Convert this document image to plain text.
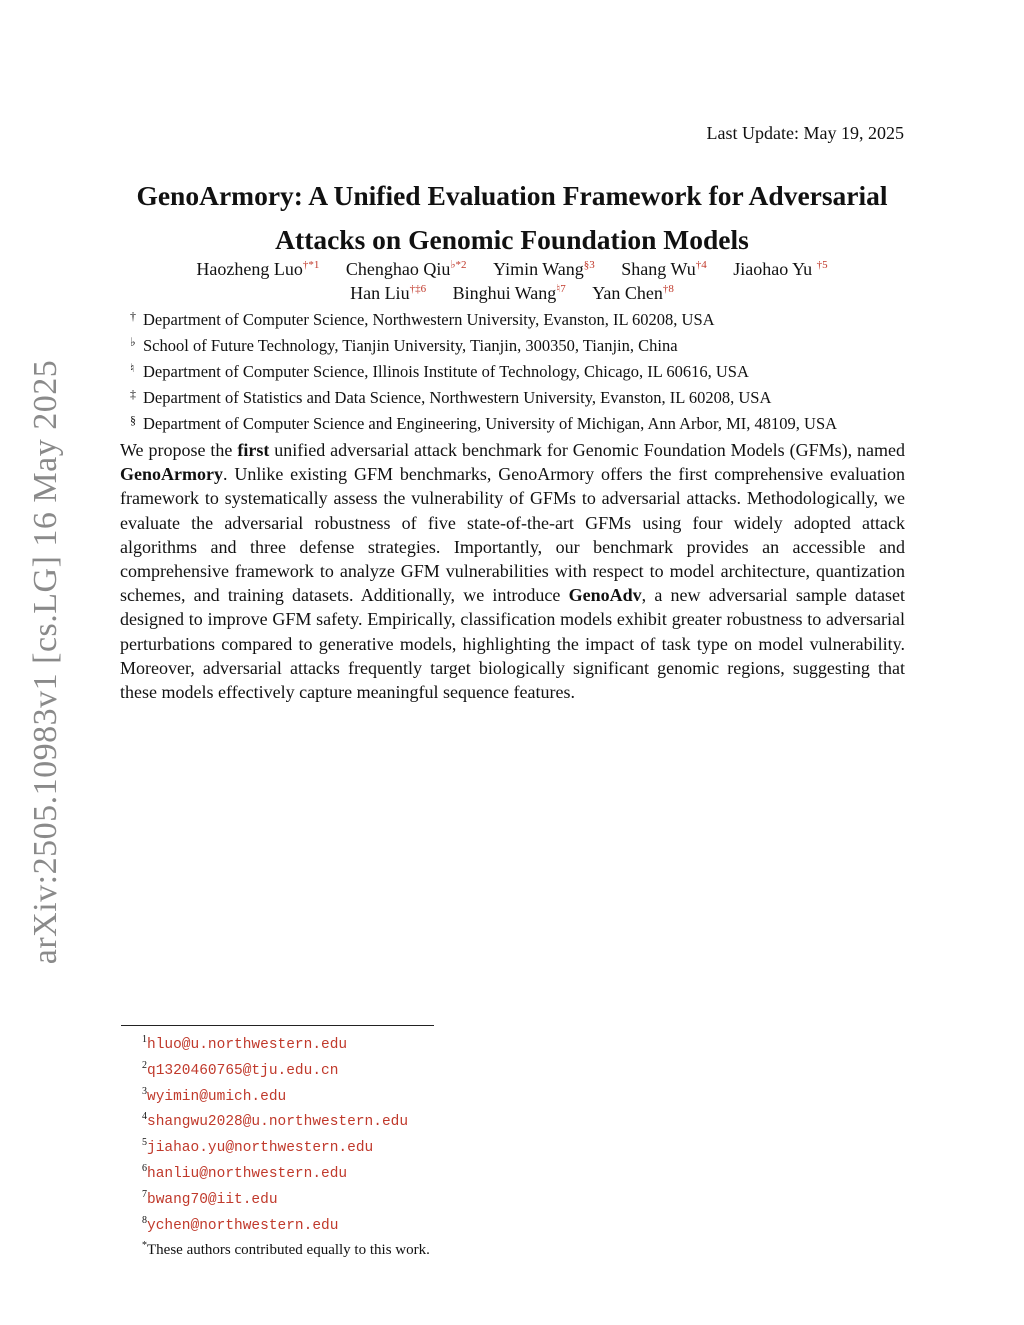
arXiv:2505.10983v1 [cs.LG] 16 May 2025
Last Update: May 19, 2025
GenoArmory: A Unified Evaluation Framework for Adversarial
Attacks on Genomic Foundation Models
Haozheng Luo$^{\dagger*1}$ Chenghao Qiu$^{♭*2}$ Yimin Wang$^{\S 3}$ Shang Wu$^{\dagger 4}$ Jiaohao Yu $^{\dagger 5}$
Han Liu$^{\dagger\ddagger 6}$ Binghui Wang$^{♮7}$ Yan Chen$^{\dagger 8}$
† Department of Computer Science, Northwestern University, Evanston, IL 60208, USA
♭ School of Future Technology, Tianjin University, Tianjin, 300350, Tianjin, China
♮ Department of Computer Science, Illinois Institute of Technology, Chicago, IL 60616, USA
‡ Department of Statistics and Data Science, Northwestern University, Evanston, IL 60208, USA
§ Department of Computer Science and Engineering, University of Michigan, Ann Arbor, MI, 48109, USA

We propose the first unified adversarial attack benchmark for Genomic Foundation Models (GFMs), named GenoArmory. Unlike existing GFM benchmarks, GenoArmory offers the first comprehensive evaluation framework to systematically assess the vulnerability of GFMs to adversarial attacks. Methodologically, we evaluate the adversarial robustness of five state-of-the-art GFMs using four widely adopted attack algorithms and three defense strategies. Importantly, our benchmark provides an accessible and comprehensive framework to analyze GFM vulnerabilities with respect to model architecture, quantization schemes, and training datasets. Additionally, we introduce GenoAdv, a new adversarial sample dataset designed to improve GFM safety. Empirically, classification models exhibit greater robustness to adversarial perturbations compared to generative models, highlighting the impact of task type on model vulnerability. Moreover, adversarial attacks frequently target biologically significant genomic regions, suggesting that these models effectively capture meaningful sequence features.

$^1$hluo@u.northwestern.edu
$^2$q1320460765@tju.edu.cn
$^3$wyimin@umich.edu
$^4$shangwu2028@u.northwestern.edu
$^5$jiahao.yu@northwestern.edu
$^6$hanliu@northwestern.edu
$^7$bwang70@iit.edu
$^8$ychen@northwestern.edu
*These authors contributed equally to this work.
